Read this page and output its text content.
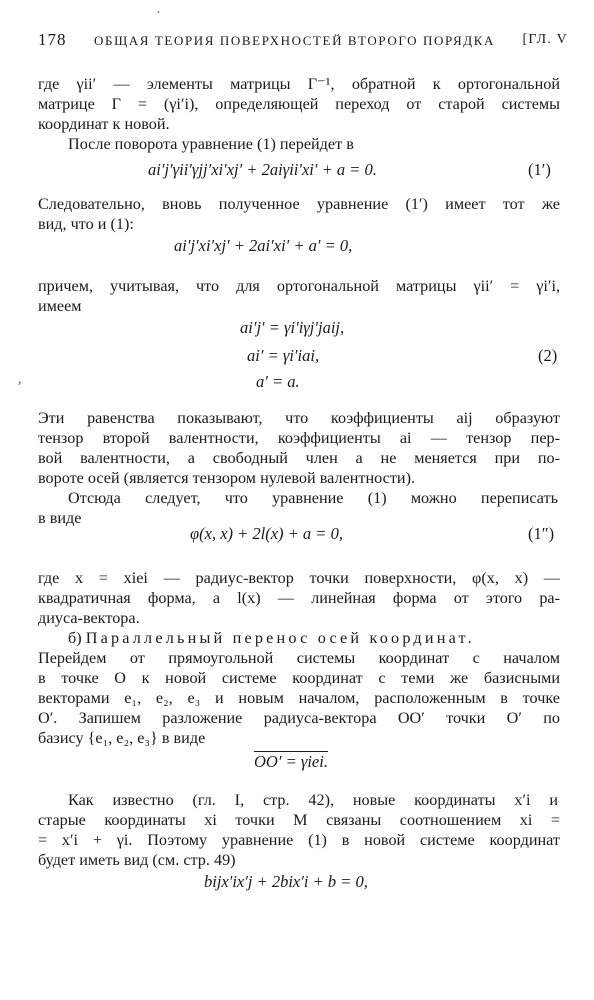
178 ОБЩАЯ ТЕОРИЯ ПОВЕРХНОСТЕЙ ВТОРОГО ПОРЯДКА [ГЛ. V
·
,
где γii′ — элементы матрицы Г⁻¹, обратной к ортогональной
матрице Г = (γi′i), определяющей переход от старой системы
координат к новой.
После поворота уравнение (1) перейдет в
ai′j′γii′γjj′xi′xj′ + 2aiγii′xi′ + a = 0.	(1′)
Следовательно, вновь полученное уравнение (1′) имеет тот же
вид, что и (1):
ai′j′xi′xj′ + 2ai′xi′ + a′ = 0,
причем, учитывая, что для ортогональной матрицы γii′ = γi′i,
имеем
ai′j′ = γi′iγj′jaij,
ai′ = γi′iai,	(2)
a′ = a.
Эти равенства показывают, что коэффициенты aij образуют
тензор второй валентности, коэффициенты ai — тензор пер-
вой валентности, а свободный член a не меняется при по-
вороте осей (является тензором нулевой валентности).
Отсюда следует, что уравнение (1) можно переписать
в виде
φ(x, x) + 2l(x) + a = 0,	(1″)
где x = xiei — радиус-вектор точки поверхности, φ(x, x) —
квадратичная форма, а l(x) — линейная форма от этого ра-
диуса-вектора.
б) Параллельный перенос осей координат.
Перейдем от прямоугольной системы координат с началом
в точке O к новой системе координат с теми же базисными
векторами e₁, e₂, e₃ и новым началом, расположенным в точке
O′. Запишем разложение радиуса-вектора OO′ точки O′ по
базису {e₁, e₂, e₃} в виде
OO′ = γiei.
Как известно (гл. I, стр. 42), новые координаты x′i и
старые координаты xi точки M связаны соотношением xi =
= x′i + γi. Поэтому уравнение (1) в новой системе координат
будет иметь вид (см. стр. 49)
bijx′ix′j + 2bix′i + b = 0,
